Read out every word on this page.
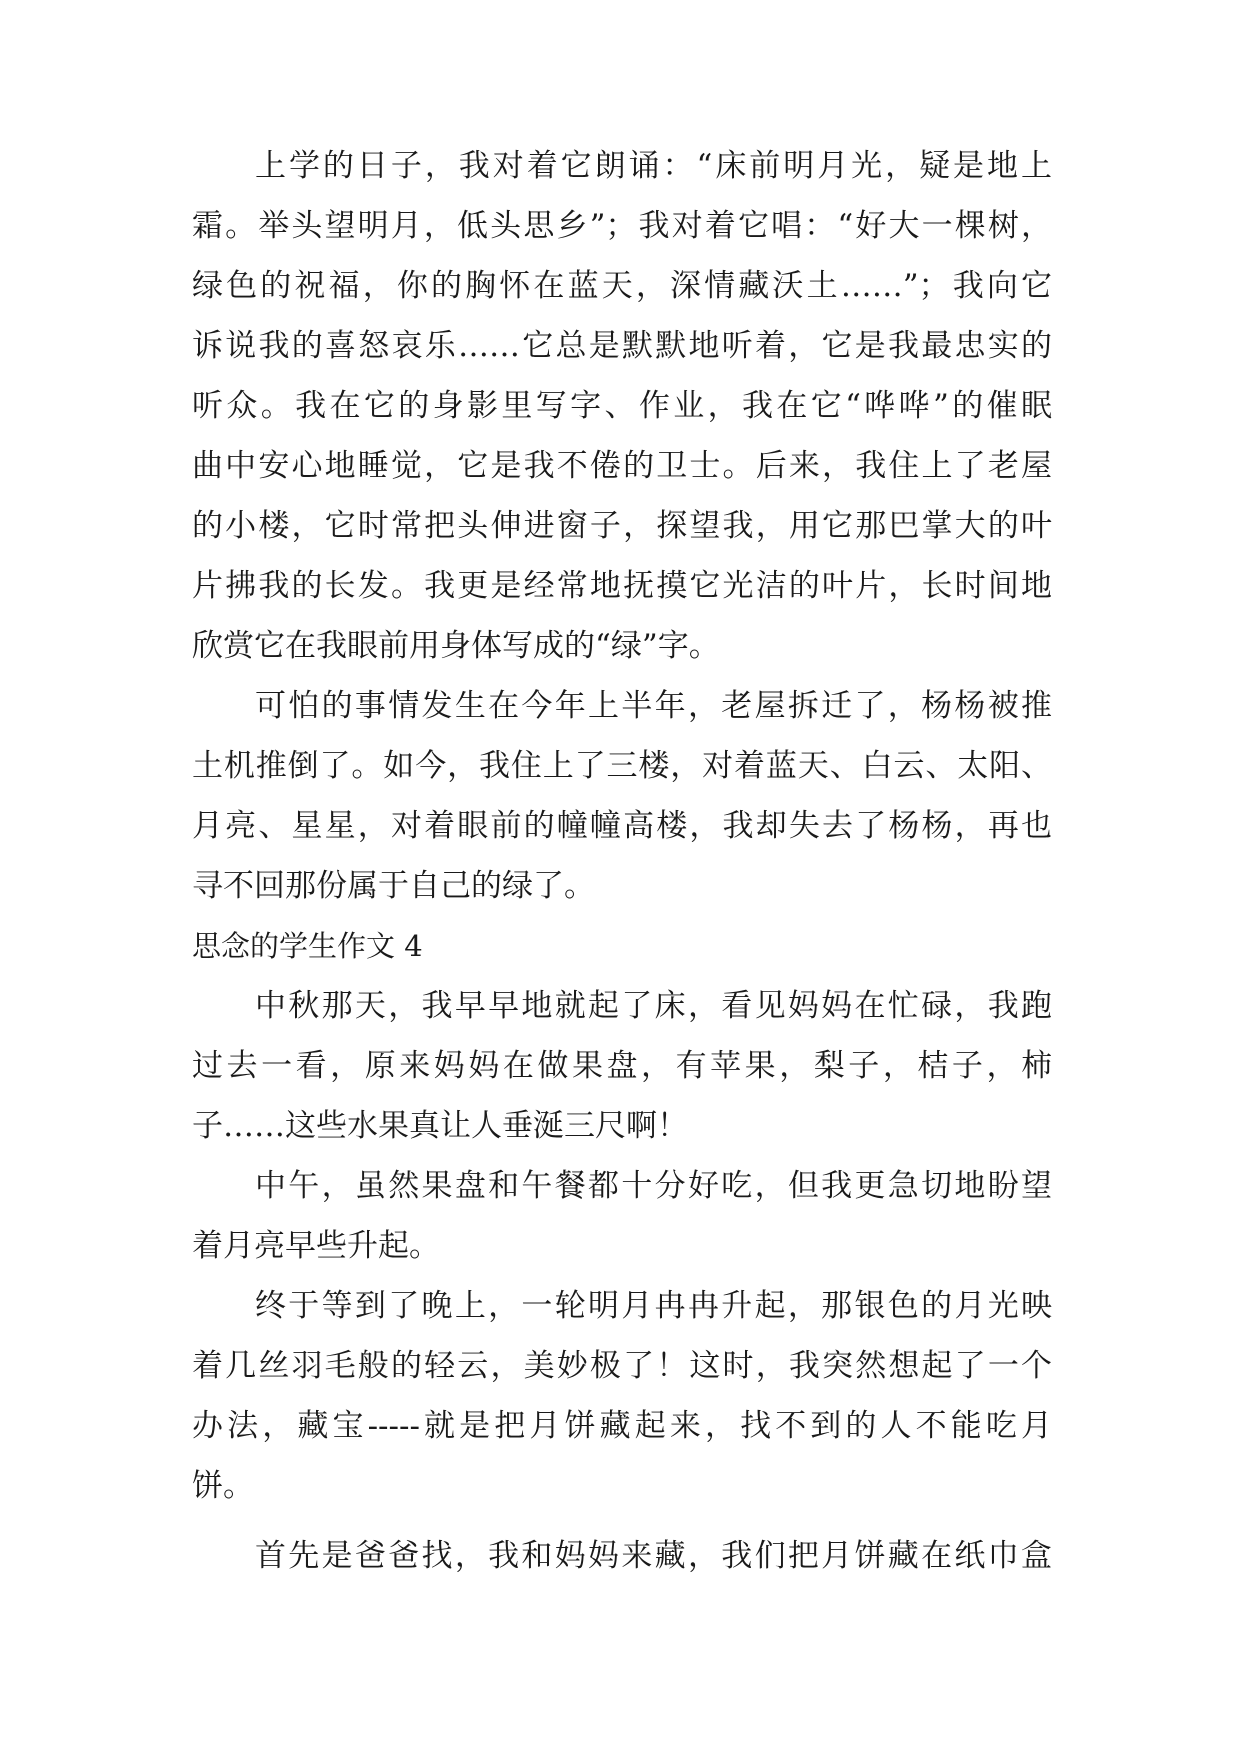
上学的日子，我对着它朗诵：“床前明月光，疑是地上
霜。举头望明月，低头思乡”；我对着它唱：“好大一棵树，
绿色的祝福，你的胸怀在蓝天，深情藏沃土……”；我向它
诉说我的喜怒哀乐……它总是默默地听着，它是我最忠实的
听众。我在它的身影里写字、作业，我在它“哗哗”的催眠
曲中安心地睡觉，它是我不倦的卫士。后来，我住上了老屋
的小楼，它时常把头伸进窗子，探望我，用它那巴掌大的叶
片拂我的长发。我更是经常地抚摸它光洁的叶片，长时间地
欣赏它在我眼前用身体写成的“绿”字。
可怕的事情发生在今年上半年，老屋拆迁了，杨杨被推
土机推倒了。如今，我住上了三楼，对着蓝天、白云、太阳、
月亮、星星，对着眼前的幢幢高楼，我却失去了杨杨，再也
寻不回那份属于自己的绿了。
思念的学生作文 4
中秋那天，我早早地就起了床，看见妈妈在忙碌，我跑
过去一看，原来妈妈在做果盘，有苹果，梨子，桔子，柿
子……这些水果真让人垂涎三尺啊！
中午，虽然果盘和午餐都十分好吃，但我更急切地盼望
着月亮早些升起。
终于等到了晚上，一轮明月冉冉升起，那银色的月光映
着几丝羽毛般的轻云，美妙极了！这时，我突然想起了一个
办法，藏宝-----就是把月饼藏起来，找不到的人不能吃月
饼。
首先是爸爸找，我和妈妈来藏，我们把月饼藏在纸巾盒
